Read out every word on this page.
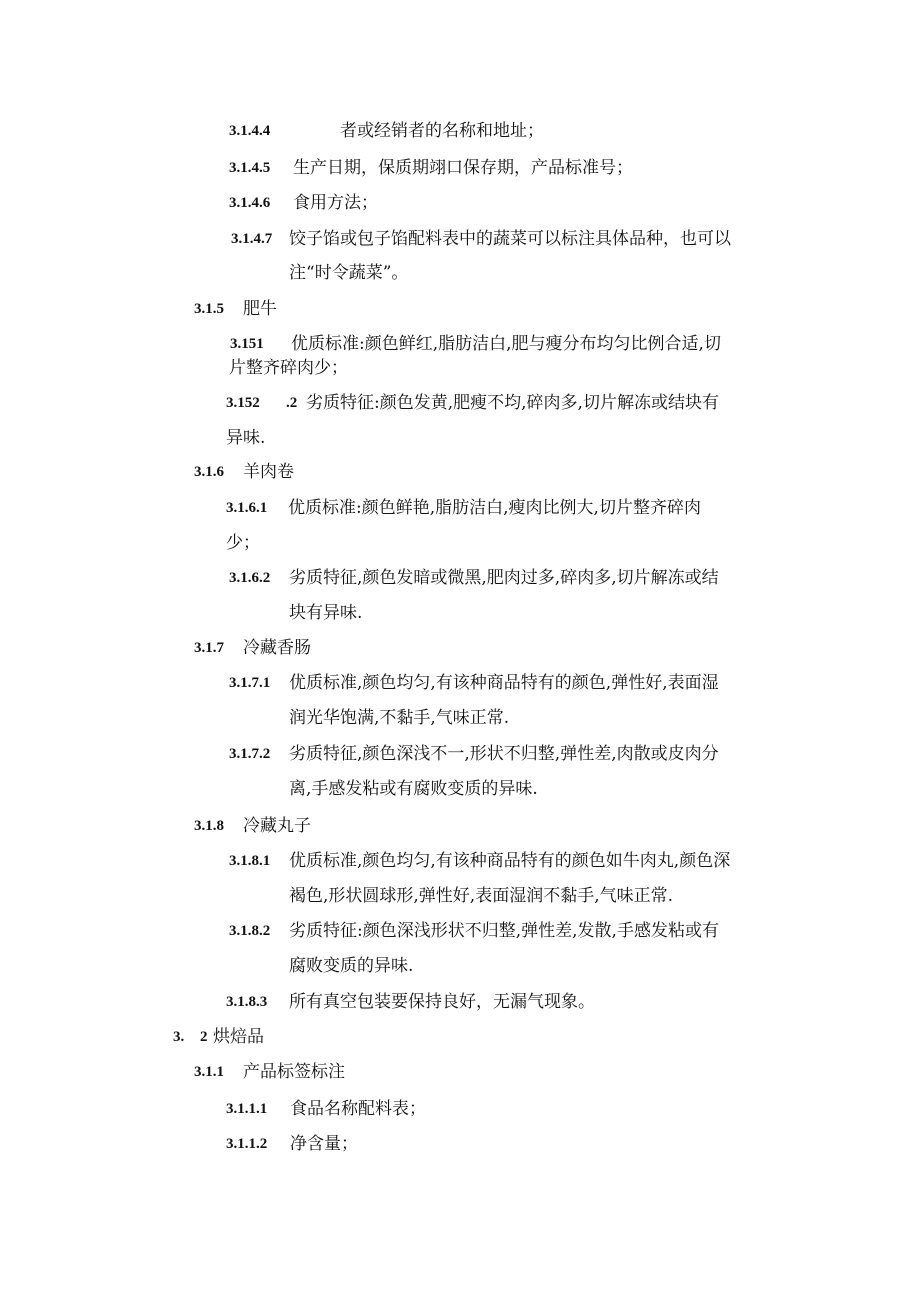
3.1.4.4	者或经销者的名称和地址；
3.1.4.5 生产日期，保质期翊口保存期，产品标准号；
3.1.4.6 食用方法；
3.1.4.7 饺子馅或包子馅配料表中的蔬菜可以标注具体品种，也可以
注“时令蔬菜”。
3.1.5 肥牛
3.151 优质标准:颜色鲜红,脂肪洁白,肥与瘦分布均匀比例合适,切
片整齐碎肉少；
3.152 .2 劣质特征:颜色发黄,肥瘦不均,碎肉多,切片解冻或结块有
异味.
3.1.6 羊肉卷
3.1.6.1 优质标准:颜色鲜艳,脂肪洁白,瘦肉比例大,切片整齐碎肉
少；
3.1.6.2 劣质特征,颜色发暗或微黑,肥肉过多,碎肉多,切片解冻或结
块有异味.
3.1.7 冷藏香肠
3.1.7.1 优质标准,颜色均匀,有该种商品特有的颜色,弹性好,表面湿
润光华饱满,不黏手,气味正常.
3.1.7.2 劣质特征,颜色深浅不一,形状不归整,弹性差,肉散或皮肉分
离,手感发粘或有腐败变质的异味.
3.1.8 冷藏丸子
3.1.8.1 优质标准,颜色均匀,有该种商品特有的颜色如牛肉丸,颜色深
褐色,形状圆球形,弹性好,表面湿润不黏手,气味正常.
3.1.8.2 劣质特征:颜色深浅形状不归整,弹性差,发散,手感发粘或有
腐败变质的异味.
3.1.8.3 所有真空包装要保持良好，无漏气现象。
3. 2 烘焙品
3.1.1 产品标签标注
3.1.1.1 食品名称配料表；
3.1.1.2 净含量；
